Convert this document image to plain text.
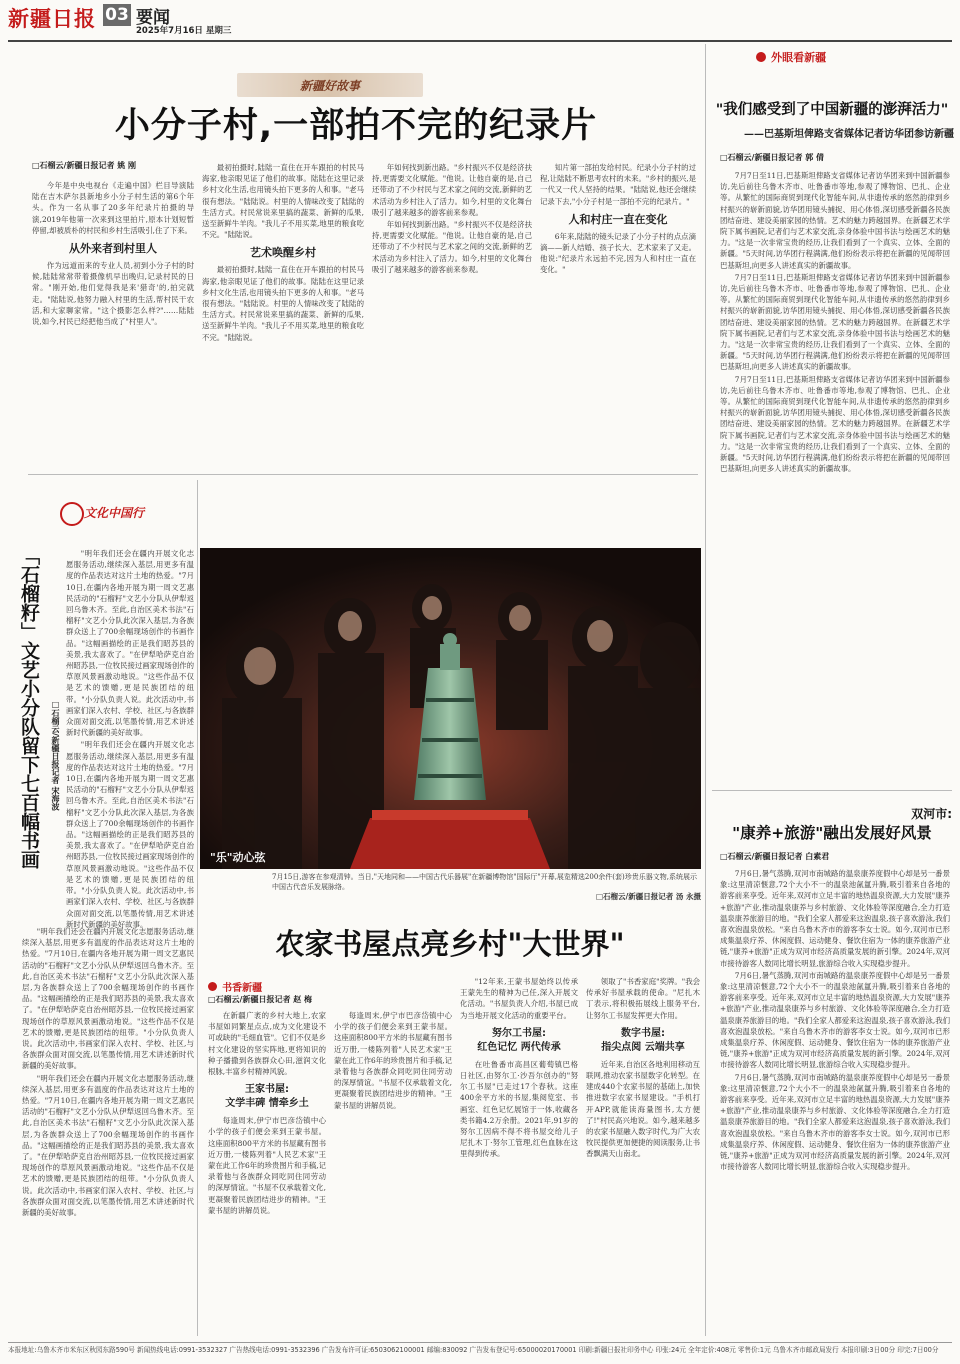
新疆日报 03 要闻
2025年7月16日 星期三
新疆好故事
小分子村,一部拍不完的纪录片
□石榴云/新疆日报记者 姚 刚

今年是中央电视台《走遍中国》栏目导演陆陆在吉木萨尔县新地乡小分子村生活的第6个年头。作为一名从事了20多年纪录片拍摄的导演,2019年他第一次来到这里拍片,原本计划短暂停留,却被质朴的村民和乡村生活吸引,住了下来。

从外来者到村里人

作为远道而来的专业人员,初到小分子村的时候,陆陆常常带着摄像机早出晚归,记录村民的日常。"刚开始,他们觉得我是来'猎奇'的,拍完就走。"陆陆说,他努力融入村里的生活,帮村民干农活,和大家聊家常。"这个摄影怎么样?"……陆陆说,如今,村民已经把他当成了"村里人"。

最初拍摄时,陆陆一直住在开车跟拍的村民马海家,他亲眼见证了他们的故事。陆陆在这里记录乡村文化生活,也用镜头拍下更多的人和事。"老马很有想法。"陆陆说。村里的人情味改变了陆陆的生活方式。村民常说来里搞的蔬菜、新鲜的瓜果,送至新鲜牛羊肉。"我儿子不用买菜,地里的粮食吃不完。"陆陆说。

艺术唤醒乡村

最初拍摄时,陆陆一直住在开车跟拍的村民马海家,他亲眼见证了他们的故事。陆陆在这里记录乡村文化生活,也用镜头拍下更多的人和事。"老马很有想法。"陆陆说。村里的人情味改变了陆陆的生活方式。村民常说来里搞的蔬菜、新鲜的瓜果,送至新鲜牛羊肉。"我儿子不用买菜,地里的粮食吃不完。"陆陆说。

年如何找到新出路。"乡村振兴不仅是经济扶持,更需要文化赋能。"他说。让他自豪的是,自己还带动了不少村民与艺术家之间的交流,新鲜的艺术活动为乡村注入了活力。如今,村里的文化舞台吸引了越来越多的游客前来参观。

年如何找到新出路。"乡村振兴不仅是经济扶持,更需要文化赋能。"他说。让他自豪的是,自己还带动了不少村民与艺术家之间的交流,新鲜的艺术活动为乡村注入了活力。如今,村里的文化舞台吸引了越来越多的游客前来参观。

知片第一部拍发给村民。纪录小分子村的过程,让陆陆不断思考农村的未来。"乡村的振兴,是一代又一代人坚持的结果。"陆陆说,他还会继续记录下去,"小分子村是一部拍不完的纪录片。"

人和村庄一直在变化

6年来,陆陆的镜头记录了小分子村的点点滴滴——新人结婚、孩子长大、艺术家来了又走。他说:"纪录片永远拍不完,因为人和村庄一直在变化。"

外眼看新疆
"我们感受到了中国新疆的澎湃活力"
——巴基斯坦俾路支省媒体记者访华团参访新疆
□石榴云/新疆日报记者 郭 倩

7月7日至11日,巴基斯坦俾路支省媒体记者访华团来到中国新疆参访,先后前往乌鲁木齐市、吐鲁番市等地,参观了博物馆、巴扎、企业等。从繁忙的国际商贸到现代化智能车间,从非遗传承的悠然韵律到乡村振兴的崭新面貌,访华团用镜头捕捉、用心体悟,深切感受新疆各民族团结奋进、建设美丽家园的热情。艺术的魅力跨越国界。在新疆艺术学院下属书画院,记者们与艺术家交流,亲身体验中国书法与绘画艺术的魅力。"这是一次非常宝贵的经历,让我们看到了一个真实、立体、全面的新疆。"5天时间,访华团行程满满,他们纷纷表示将把在新疆的见闻带回巴基斯坦,向更多人讲述真实的新疆故事。

7月7日至11日,巴基斯坦俾路支省媒体记者访华团来到中国新疆参访,先后前往乌鲁木齐市、吐鲁番市等地,参观了博物馆、巴扎、企业等。从繁忙的国际商贸到现代化智能车间,从非遗传承的悠然韵律到乡村振兴的崭新面貌,访华团用镜头捕捉、用心体悟,深切感受新疆各民族团结奋进、建设美丽家园的热情。艺术的魅力跨越国界。在新疆艺术学院下属书画院,记者们与艺术家交流,亲身体验中国书法与绘画艺术的魅力。"这是一次非常宝贵的经历,让我们看到了一个真实、立体、全面的新疆。"5天时间,访华团行程满满,他们纷纷表示将把在新疆的见闻带回巴基斯坦,向更多人讲述真实的新疆故事。

7月7日至11日,巴基斯坦俾路支省媒体记者访华团来到中国新疆参访,先后前往乌鲁木齐市、吐鲁番市等地,参观了博物馆、巴扎、企业等。从繁忙的国际商贸到现代化智能车间,从非遗传承的悠然韵律到乡村振兴的崭新面貌,访华团用镜头捕捉、用心体悟,深切感受新疆各民族团结奋进、建设美丽家园的热情。艺术的魅力跨越国界。在新疆艺术学院下属书画院,记者们与艺术家交流,亲身体验中国书法与绘画艺术的魅力。"这是一次非常宝贵的经历,让我们看到了一个真实、立体、全面的新疆。"5天时间,访华团行程满满,他们纷纷表示将把在新疆的见闻带回巴基斯坦,向更多人讲述真实的新疆故事。

双河市:
"康养+旅游"融出发展好风景
□石榴云/新疆日报记者 白素君

7月6日,暑气蒸腾,双河市南城路的温泉康养度假中心却是另一番景象:这里清凉惬意,72个大小不一的温泉池氤氲升腾,吸引着来自各地的游客前来享受。近年来,双河市立足丰富的地热温泉资源,大力发展"康养+旅游"产业,推动温泉康养与乡村旅游、文化体验等深度融合,全力打造温泉康养旅游目的地。"我们全家人都爱来这泡温泉,孩子喜欢游泳,我们喜欢泡温泉放松。"来自乌鲁木齐市的游客李女士说。如今,双河市已形成集温泉疗养、休闲度假、运动健身、餐饮住宿为一体的康养旅游产业链,"康养+旅游"正成为双河市经济高质量发展的新引擎。2024年,双河市接待游客人数同比增长明显,旅游综合收入实现稳步提升。

7月6日,暑气蒸腾,双河市南城路的温泉康养度假中心却是另一番景象:这里清凉惬意,72个大小不一的温泉池氤氲升腾,吸引着来自各地的游客前来享受。近年来,双河市立足丰富的地热温泉资源,大力发展"康养+旅游"产业,推动温泉康养与乡村旅游、文化体验等深度融合,全力打造温泉康养旅游目的地。"我们全家人都爱来这泡温泉,孩子喜欢游泳,我们喜欢泡温泉放松。"来自乌鲁木齐市的游客李女士说。如今,双河市已形成集温泉疗养、休闲度假、运动健身、餐饮住宿为一体的康养旅游产业链,"康养+旅游"正成为双河市经济高质量发展的新引擎。2024年,双河市接待游客人数同比增长明显,旅游综合收入实现稳步提升。

7月6日,暑气蒸腾,双河市南城路的温泉康养度假中心却是另一番景象:这里清凉惬意,72个大小不一的温泉池氤氲升腾,吸引着来自各地的游客前来享受。近年来,双河市立足丰富的地热温泉资源,大力发展"康养+旅游"产业,推动温泉康养与乡村旅游、文化体验等深度融合,全力打造温泉康养旅游目的地。"我们全家人都爱来这泡温泉,孩子喜欢游泳,我们喜欢泡温泉放松。"来自乌鲁木齐市的游客李女士说。如今,双河市已形成集温泉疗养、休闲度假、运动健身、餐饮住宿为一体的康养旅游产业链,"康养+旅游"正成为双河市经济高质量发展的新引擎。2024年,双河市接待游客人数同比增长明显,旅游综合收入实现稳步提升。

文化中国行
「石榴籽」文艺小分队留下七百幅书画 □石榴云/新疆日报记者 宋海波

"明年我们还会在疆内开展文化志愿服务活动,继续深入基层,用更多有温度的作品表达对这片土地的热爱。"7月10日,在疆内各地开展为期一周文艺惠民活动的"石榴籽"文艺小分队从伊犁返回乌鲁木齐。至此,自治区美术书法"石榴籽"文艺小分队此次深入基层,为各族群众送上了700余幅现场创作的书画作品。"这幅画描绘的正是我们昭苏县的美景,我太喜欢了。"在伊犁哈萨克自治州昭苏县,一位牧民接过画家现场创作的草原风景画激动地说。"这些作品不仅是艺术的馈赠,更是民族团结的纽带。"小分队负责人说。此次活动中,书画家们深入农村、学校、社区,与各族群众面对面交流,以笔墨传情,用艺术讲述新时代新疆的美好故事。

"明年我们还会在疆内开展文化志愿服务活动,继续深入基层,用更多有温度的作品表达对这片土地的热爱。"7月10日,在疆内各地开展为期一周文艺惠民活动的"石榴籽"文艺小分队从伊犁返回乌鲁木齐。至此,自治区美术书法"石榴籽"文艺小分队此次深入基层,为各族群众送上了700余幅现场创作的书画作品。"这幅画描绘的正是我们昭苏县的美景,我太喜欢了。"在伊犁哈萨克自治州昭苏县,一位牧民接过画家现场创作的草原风景画激动地说。"这些作品不仅是艺术的馈赠,更是民族团结的纽带。"小分队负责人说。此次活动中,书画家们深入农村、学校、社区,与各族群众面对面交流,以笔墨传情,用艺术讲述新时代新疆的美好故事。

"明年我们还会在疆内开展文化志愿服务活动,继续深入基层,用更多有温度的作品表达对这片土地的热爱。"7月10日,在疆内各地开展为期一周文艺惠民活动的"石榴籽"文艺小分队从伊犁返回乌鲁木齐。至此,自治区美术书法"石榴籽"文艺小分队此次深入基层,为各族群众送上了700余幅现场创作的书画作品。"这幅画描绘的正是我们昭苏县的美景,我太喜欢了。"在伊犁哈萨克自治州昭苏县,一位牧民接过画家现场创作的草原风景画激动地说。"这些作品不仅是艺术的馈赠,更是民族团结的纽带。"小分队负责人说。此次活动中,书画家们深入农村、学校、社区,与各族群众面对面交流,以笔墨传情,用艺术讲述新时代新疆的美好故事。

"明年我们还会在疆内开展文化志愿服务活动,继续深入基层,用更多有温度的作品表达对这片土地的热爱。"7月10日,在疆内各地开展为期一周文艺惠民活动的"石榴籽"文艺小分队从伊犁返回乌鲁木齐。至此,自治区美术书法"石榴籽"文艺小分队此次深入基层,为各族群众送上了700余幅现场创作的书画作品。"这幅画描绘的正是我们昭苏县的美景,我太喜欢了。"在伊犁哈萨克自治州昭苏县,一位牧民接过画家现场创作的草原风景画激动地说。"这些作品不仅是艺术的馈赠,更是民族团结的纽带。"小分队负责人说。此次活动中,书画家们深入农村、学校、社区,与各族群众面对面交流,以笔墨传情,用艺术讲述新时代新疆的美好故事。

"乐"动心弦
7月15日,游客在参观清钟。当日,"天地同和——中国古代乐器展"在新疆博物馆"国际厅"开幕,展览精选200余件(套)珍贵乐器文物,系统展示中国古代音乐发展脉络。
□石榴云/新疆日报记者 汤 永摄
农家书屋点亮乡村"大世界"
书香新疆
□石榴云/新疆日报记者 赵 梅

在新疆广袤的乡村大地上,农家书屋如同繁星点点,成为文化建设不可或缺的"毛细血管"。它们不仅是乡村文化建设的坚实阵地,更将知识的种子播撒到各族群众心田,滋润文化根脉,丰富乡村精神风貌。

王家书屋:
文学丰碑 情牵乡土

每逢周末,伊宁市巴彦岱镇中心小学的孩子们便会来到王蒙书屋。这座面积800平方米的书屋藏有图书近万册,一楼陈列着"人民艺术家"王蒙在此工作6年的珍贵图片和手稿,记录着他与各族群众同吃同住同劳动的深厚情谊。"书屋不仅承载着文化,更凝聚着民族团结进步的精神。"王蒙书屋的讲解员说。

每逢周末,伊宁市巴彦岱镇中心小学的孩子们便会来到王蒙书屋。这座面积800平方米的书屋藏有图书近万册,一楼陈列着"人民艺术家"王蒙在此工作6年的珍贵图片和手稿,记录着他与各族群众同吃同住同劳动的深厚情谊。"书屋不仅承载着文化,更凝聚着民族团结进步的精神。"王蒙书屋的讲解员说。

"12年来,王蒙书屋始终以传承王蒙先生的精神为己任,深入开展文化活动。"书屋负责人介绍,书屋已成为当地开展文化活动的重要平台。

努尔工书屋:
红色记忆 两代传承

在吐鲁番市高昌区葡萄镇巴格日社区,由努尔工·沙吾尔创办的"努尔工书屋"已走过17个春秋。这座400余平方米的书屋,集阅览室、书画室、红色记忆展馆于一体,收藏各类书籍4.2万余册。2021年,91岁的努尔工因病不得不将书屋交给儿子尼扎木丁·努尔工管理,红色血脉在这里得到传承。

领取了"书香家庭"奖牌。"我会传承好书屋承载的使命。"尼扎木丁表示,将积极拓展线上服务平台,让努尔工书屋发挥更大作用。

数字书屋:
指尖点阅 云端共享

近年来,自治区各地利用移动互联网,推动农家书屋数字化转型。在建成440个农家书屋的基础上,加快推进数字农家书屋建设。"手机打开APP,就能读海量图书,太方便了!"村民高兴地说。如今,越来越多的农家书屋融入数字时代,为广大农牧民提供更加便捷的阅读服务,让书香飘满天山南北。

本报地址:乌鲁木齐市米东区秋园东路590号 新闻热线电话:0991-3532327 广告热线电话:0991-3532396 广告发布许可证:6503062100001 邮编:830092 广告发布登记号:65000020170001 印刷:新疆日报社印务中心 印张:24元 全年定价:408元 零售价:1元 乌鲁木齐市邮政局发行 本报印刷:3日00分 印完:7日00分
